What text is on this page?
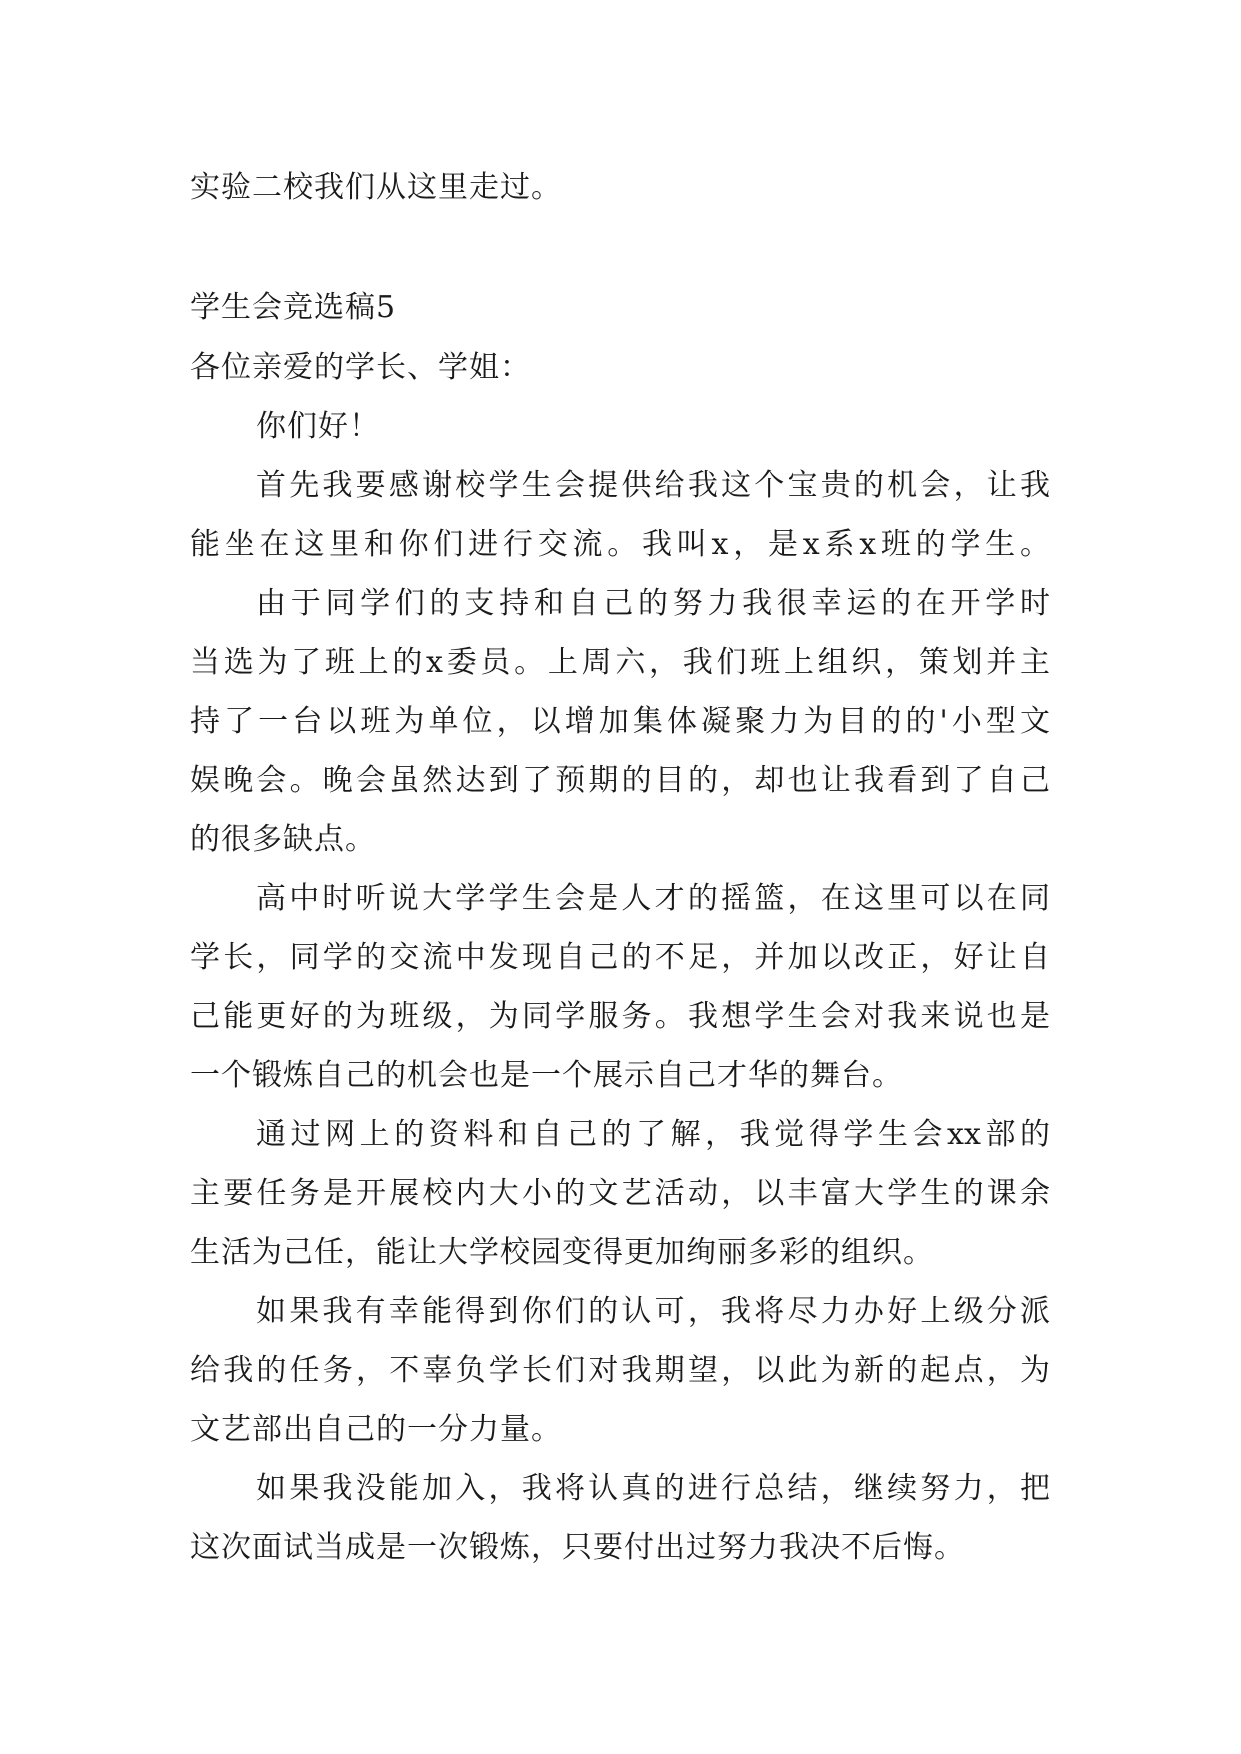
实验二校我们从这里走过。
学生会竞选稿5
各位亲爱的学长、学姐：
你们好！
首先我要感谢校学生会提供给我这个宝贵的机会，让我
能坐在这里和你们进行交流。我叫x，是x系x班的学生。
由于同学们的支持和自己的努力我很幸运的在开学时
当选为了班上的x委员。上周六，我们班上组织，策划并主
持了一台以班为单位，以增加集体凝聚力为目的的'小型文
娱晚会。晚会虽然达到了预期的目的，却也让我看到了自己
的很多缺点。
高中时听说大学学生会是人才的摇篮，在这里可以在同
学长，同学的交流中发现自己的不足，并加以改正，好让自
己能更好的为班级，为同学服务。我想学生会对我来说也是
一个锻炼自己的机会也是一个展示自己才华的舞台。
通过网上的资料和自己的了解，我觉得学生会xx部的
主要任务是开展校内大小的文艺活动，以丰富大学生的课余
生活为己任，能让大学校园变得更加绚丽多彩的组织。
如果我有幸能得到你们的认可，我将尽力办好上级分派
给我的任务，不辜负学长们对我期望，以此为新的起点，为
文艺部出自己的一分力量。
如果我没能加入，我将认真的进行总结，继续努力，把
这次面试当成是一次锻炼，只要付出过努力我决不后悔。
